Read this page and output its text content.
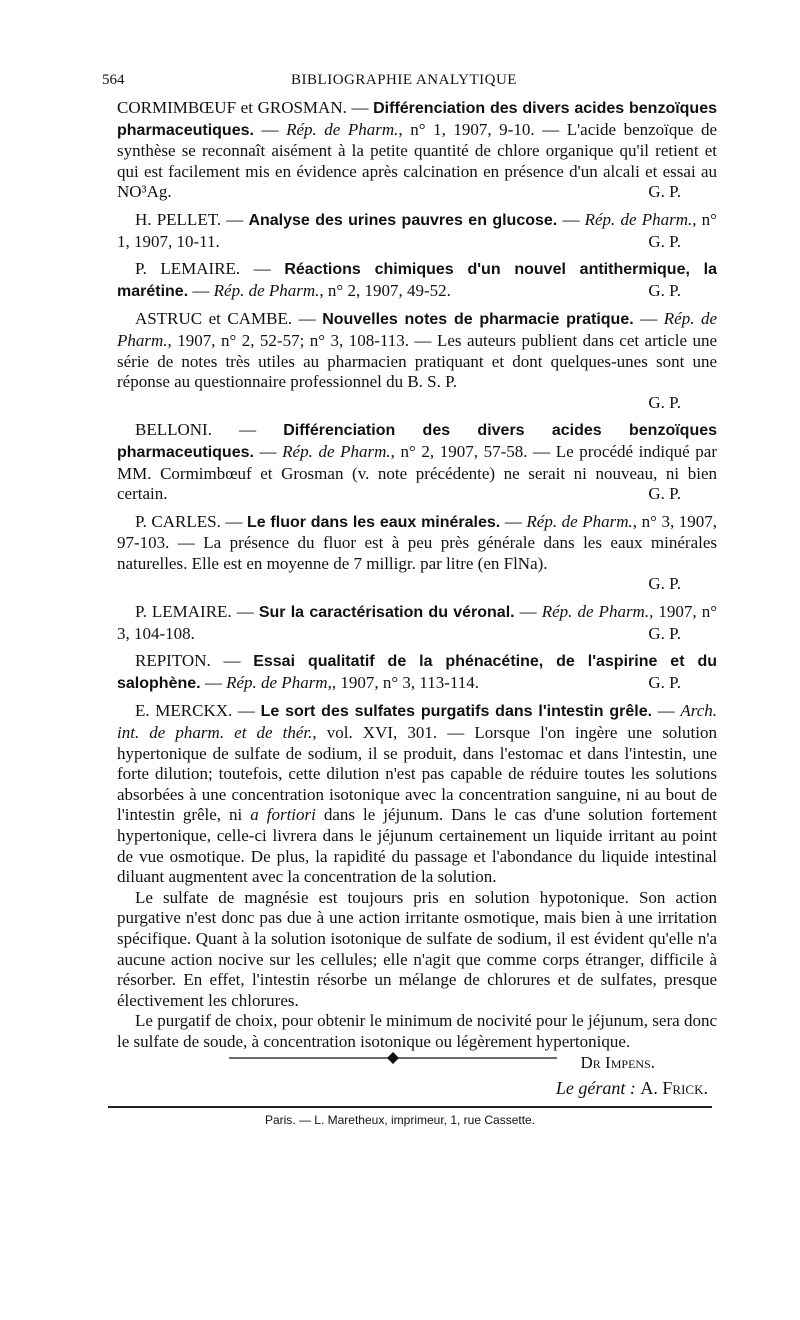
564	BIBLIOGRAPHIE ANALYTIQUE

CORMIMBŒUF et GROSMAN. — Différenciation des divers acides benzoïques pharmaceutiques. — Rép. de Pharm., n° 1, 1907, 9-10. — L'acide benzoïque de synthèse se reconnaît aisément à la petite quantité de chlore organique qu'il retient et qui est facilement mis en évidence après calcination en présence d'un alcali et essai au NO³Ag.	G. P.

H. PELLET. — Analyse des urines pauvres en glucose. — Rép. de Pharm., n° 1, 1907, 10-11.	G. P.

P. LEMAIRE. — Réactions chimiques d'un nouvel antithermique, la marétine. — Rép. de Pharm., n° 2, 1907, 49-52.	G. P.

ASTRUC et CAMBE. — Nouvelles notes de pharmacie pratique. — Rép. de Pharm., 1907, n° 2, 52-57; n° 3, 108-113. — Les auteurs publient dans cet article une série de notes très utiles au pharmacien pratiquant et dont quelques-unes sont une réponse au questionnaire professionnel du B. S. P.

G. P.

BELLONI. — Différenciation des divers acides benzoïques pharmaceutiques. — Rép. de Pharm., n° 2, 1907, 57-58. — Le procédé indiqué par MM. Cormimbœuf et Grosman (v. note précédente) ne serait ni nouveau, ni bien certain.	G. P.

P. CARLES. — Le fluor dans les eaux minérales. — Rép. de Pharm., n° 3, 1907, 97-103. — La présence du fluor est à peu près générale dans les eaux minérales naturelles. Elle est en moyenne de 7 milligr. par litre (en FlNa).

G. P.

P. LEMAIRE. — Sur la caractérisation du véronal. — Rép. de Pharm., 1907, n° 3, 104-108.	G. P.

REPITON. — Essai qualitatif de la phénacétine, de l'aspirine et du salophène. — Rép. de Pharm,, 1907, n° 3, 113-114.	G. P.

E. MERCKX. — Le sort des sulfates purgatifs dans l'intestin grêle. — Arch. int. de pharm. et de thér., vol. XVI, 301. — Lorsque l'on ingère une solution hypertonique de sulfate de sodium, il se produit, dans l'estomac et dans l'intestin, une forte dilution; toutefois, cette dilution n'est pas capable de réduire toutes les solutions absorbées à une concentration isotonique avec la concentration sanguine, ni au bout de l'intestin grêle, ni a fortiori dans le jéjunum. Dans le cas d'une solution fortement hypertonique, celle-ci livrera dans le jéjunum certainement un liquide irritant au point de vue osmotique. De plus, la rapidité du passage et l'abondance du liquide intestinal diluant augmentent avec la concentration de la solution.

Le sulfate de magnésie est toujours pris en solution hypotonique. Son action purgative n'est donc pas due à une action irritante osmotique, mais bien à une irritation spécifique. Quant à la solution isotonique de sulfate de sodium, il est évident qu'elle n'a aucune action nocive sur les cellules; elle n'agit que comme corps étranger, difficile à résorber. En effet, l'intestin résorbe un mélange de chlorures et de sulfates, presque électivement les chlorures.

Le purgatif de choix, pour obtenir le minimum de nocivité pour le jéjunum, sera donc le sulfate de soude, à concentration isotonique ou légèrement hypertonique.
Dr Impens.

Le gérant : A. Frick.
Paris. — L. Maretheux, imprimeur, 1, rue Cassette.
